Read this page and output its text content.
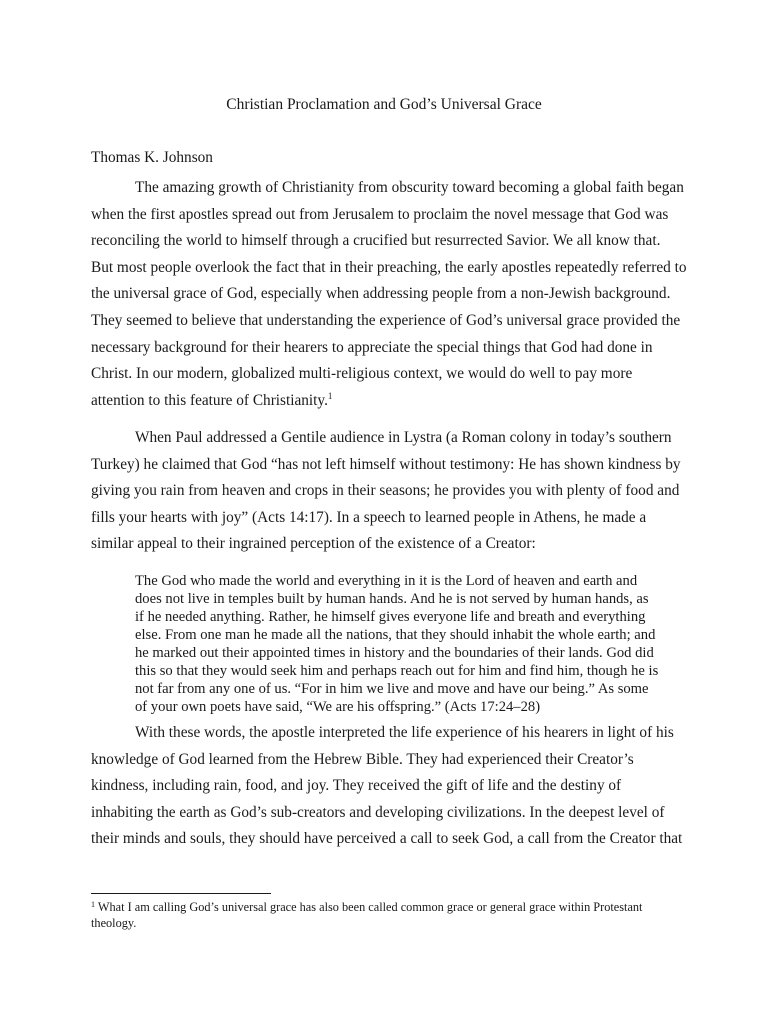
Christian Proclamation and God’s Universal Grace
Thomas K. Johnson
The amazing growth of Christianity from obscurity toward becoming a global faith began
when the first apostles spread out from Jerusalem to proclaim the novel message that God was
reconciling the world to himself through a crucified but resurrected Savior. We all know that.
But most people overlook the fact that in their preaching, the early apostles repeatedly referred to
the universal grace of God, especially when addressing people from a non-Jewish background.
They seemed to believe that understanding the experience of God’s universal grace provided the
necessary background for their hearers to appreciate the special things that God had done in
Christ. In our modern, globalized multi-religious context, we would do well to pay more
attention to this feature of Christianity.$^1$
When Paul addressed a Gentile audience in Lystra (a Roman colony in today’s southern
Turkey) he claimed that God “has not left himself without testimony: He has shown kindness by
giving you rain from heaven and crops in their seasons; he provides you with plenty of food and
fills your hearts with joy” (Acts 14:17). In a speech to learned people in Athens, he made a
similar appeal to their ingrained perception of the existence of a Creator:
The God who made the world and everything in it is the Lord of heaven and earth and
does not live in temples built by human hands. And he is not served by human hands, as
if he needed anything. Rather, he himself gives everyone life and breath and everything
else. From one man he made all the nations, that they should inhabit the whole earth; and
he marked out their appointed times in history and the boundaries of their lands. God did
this so that they would seek him and perhaps reach out for him and find him, though he is
not far from any one of us. “For in him we live and move and have our being.” As some
of your own poets have said, “We are his offspring.” (Acts 17:24–28)
With these words, the apostle interpreted the life experience of his hearers in light of his
knowledge of God learned from the Hebrew Bible. They had experienced their Creator’s
kindness, including rain, food, and joy. They received the gift of life and the destiny of
inhabiting the earth as God’s sub-creators and developing civilizations. In the deepest level of
their minds and souls, they should have perceived a call to seek God, a call from the Creator that
$^1$ What I am calling God’s universal grace has also been called common grace or general grace within Protestant
theology.
